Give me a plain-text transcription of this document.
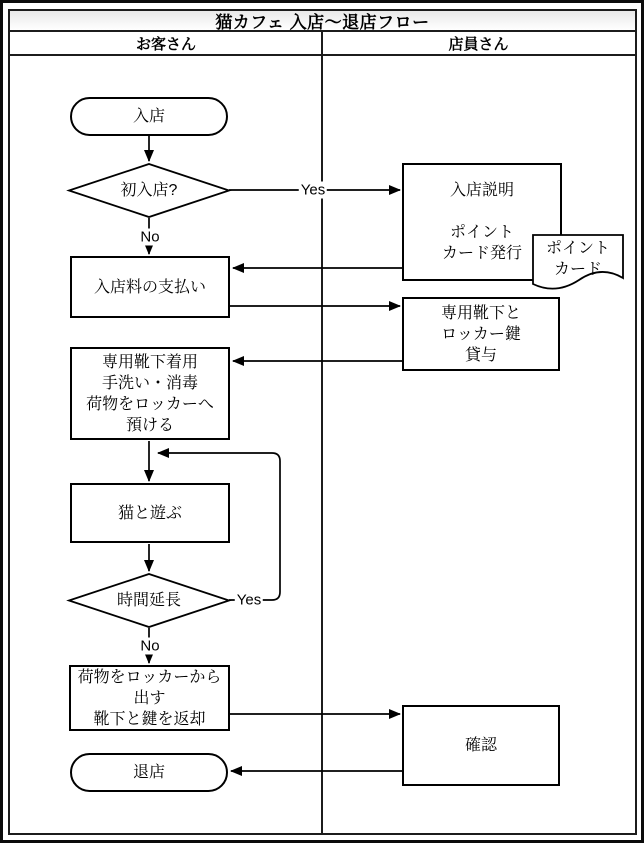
猫カフェ 入店〜退店フロー
お客さん	店員さん
入店
入店説明
ポイント
カード発行
入店料の支払い
専用靴下と
ロッカー鍵
貸与
専用靴下着用
手洗い・消毒
荷物をロッカーへ
預ける
猫と遊ぶ
荷物をロッカーから
出す
靴下と鍵を返却
確認
退店
初入店?
時間延長
ポイント
カード
Yes
No
Yes
No
